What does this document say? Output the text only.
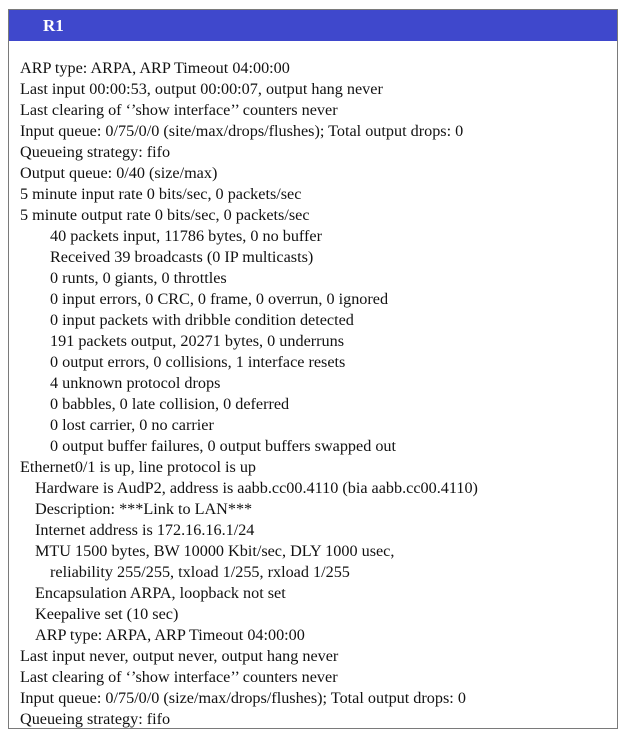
R1
ARP type: ARPA, ARP Timeout 04:00:00
Last input 00:00:53, output 00:00:07, output hang never
Last clearing of ‘’show interface’’ counters never
Input queue: 0/75/0/0 (site/max/drops/flushes); Total output drops: 0
Queueing strategy: fifo
Output queue: 0/40 (size/max)
5 minute input rate 0 bits/sec, 0 packets/sec
5 minute output rate 0 bits/sec, 0 packets/sec
40 packets input, 11786 bytes, 0 no buffer
Received 39 broadcasts (0 IP multicasts)
0 runts, 0 giants, 0 throttles
0 input errors, 0 CRC, 0 frame, 0 overrun, 0 ignored
0 input packets with dribble condition detected
191 packets output, 20271 bytes, 0 underruns
0 output errors, 0 collisions, 1 interface resets
4 unknown protocol drops
0 babbles, 0 late collision, 0 deferred
0 lost carrier, 0 no carrier
0 output buffer failures, 0 output buffers swapped out
Ethernet0/1 is up, line protocol is up
Hardware is AudP2, address is aabb.cc00.4110 (bia aabb.cc00.4110)
Description: ***Link to LAN***
Internet address is 172.16.16.1/24
MTU 1500 bytes, BW 10000 Kbit/sec, DLY 1000 usec,
reliability 255/255, txload 1/255, rxload 1/255
Encapsulation ARPA, loopback not set
Keepalive set (10 sec)
ARP type: ARPA, ARP Timeout 04:00:00
Last input never, output never, output hang never
Last clearing of ‘’show interface’’ counters never
Input queue: 0/75/0/0 (size/max/drops/flushes); Total output drops: 0
Queueing strategy: fifo
